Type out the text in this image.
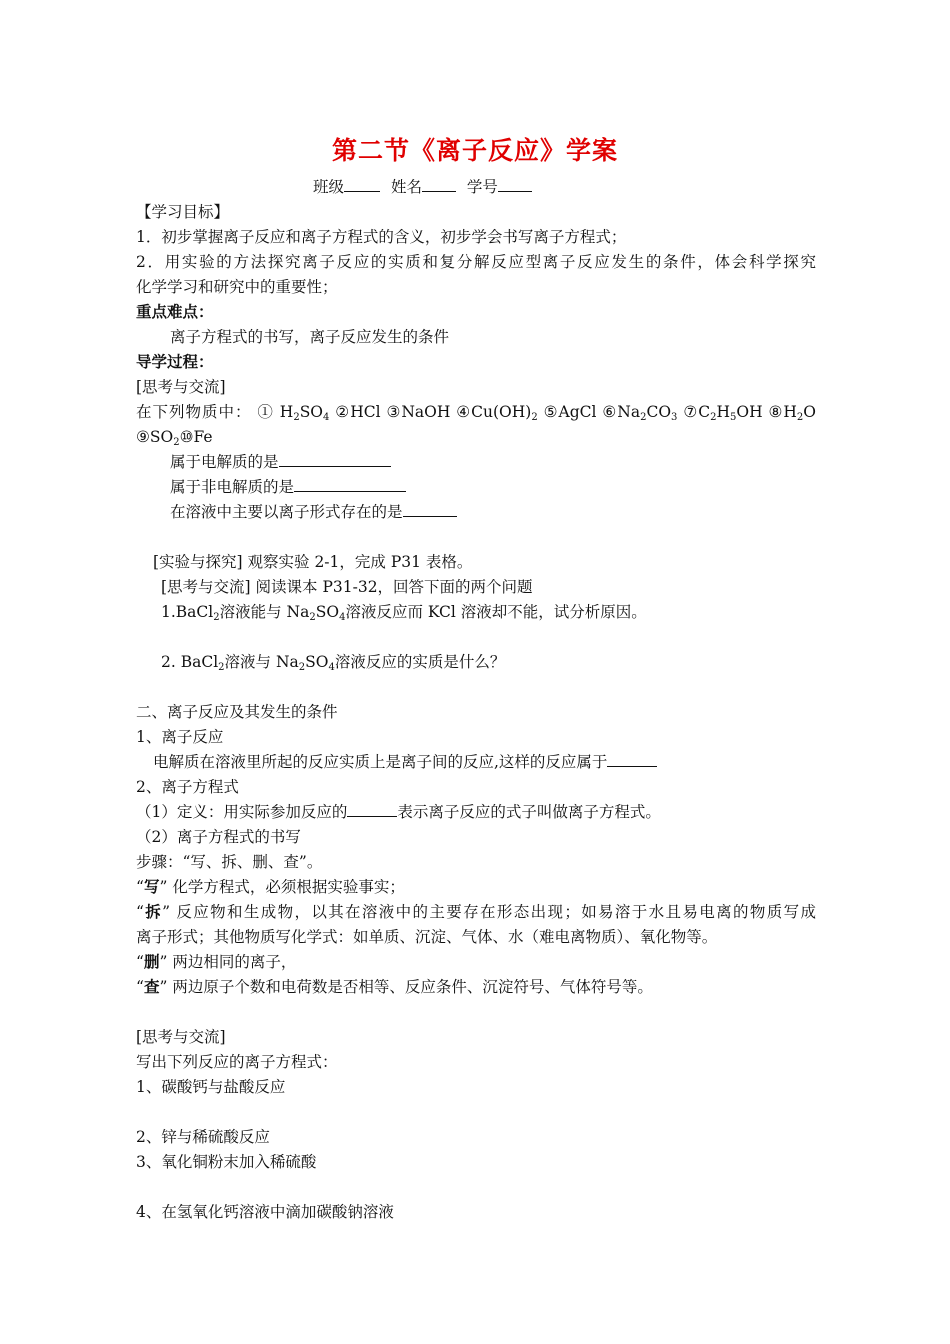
第二节《离子反应》学案
班级	姓名	学号
【学习目标】
1．初步掌握离子反应和离子方程式的含义，初步学会书写离子方程式；
2．用实验的方法探究离子反应的实质和复分解反应型离子反应发生的条件，体会科学探究
化学学习和研究中的重要性；
重点难点：
离子方程式的书写，离子反应发生的条件
导学过程：
[思考与交流]
在下列物质中： ① $H_2SO_4$ ②HCl ③NaOH $④Cu(OH)_2$ ⑤AgCl $⑥Na_2CO_3$ $⑦C_2H_5OH$ $⑧H_2O$
$⑨SO_2⑩Fe$
属于电解质的是
属于非电解质的是
在溶液中主要以离子形式存在的是
[实验与探究] 观察实验 2-1，完成 P31 表格。
[思考与交流] 阅读课本 P31-32，回答下面的两个问题
1.BaCl$_2$溶液能与 $Na_2SO_4$溶液反应而 KCl 溶液却不能，试分析原因。
2. BaCl$_2$溶液与 $Na_2SO_4$溶液反应的实质是什么？
二、离子反应及其发生的条件
1、离子反应
电解质在溶液里所起的反应实质上是离子间的反应,这样的反应属于
2、离子方程式
（1）定义：用实际参加反应的	表示离子反应的式子叫做离子方程式。
（2）离子方程式的书写
步骤：“写、拆、删、查”。
“写” 化学方程式，必须根据实验事实；
“拆” 反应物和生成物，以其在溶液中的主要存在形态出现；如易溶于水且易电离的物质写成
离子形式；其他物质写化学式：如单质、沉淀、气体、水（难电离物质）、氧化物等。
“删” 两边相同的离子，
“查” 两边原子个数和电荷数是否相等、反应条件、沉淀符号、气体符号等。
[思考与交流]
写出下列反应的离子方程式：
1、碳酸钙与盐酸反应
2、锌与稀硫酸反应
3、氧化铜粉末加入稀硫酸
4、在氢氧化钙溶液中滴加碳酸钠溶液
